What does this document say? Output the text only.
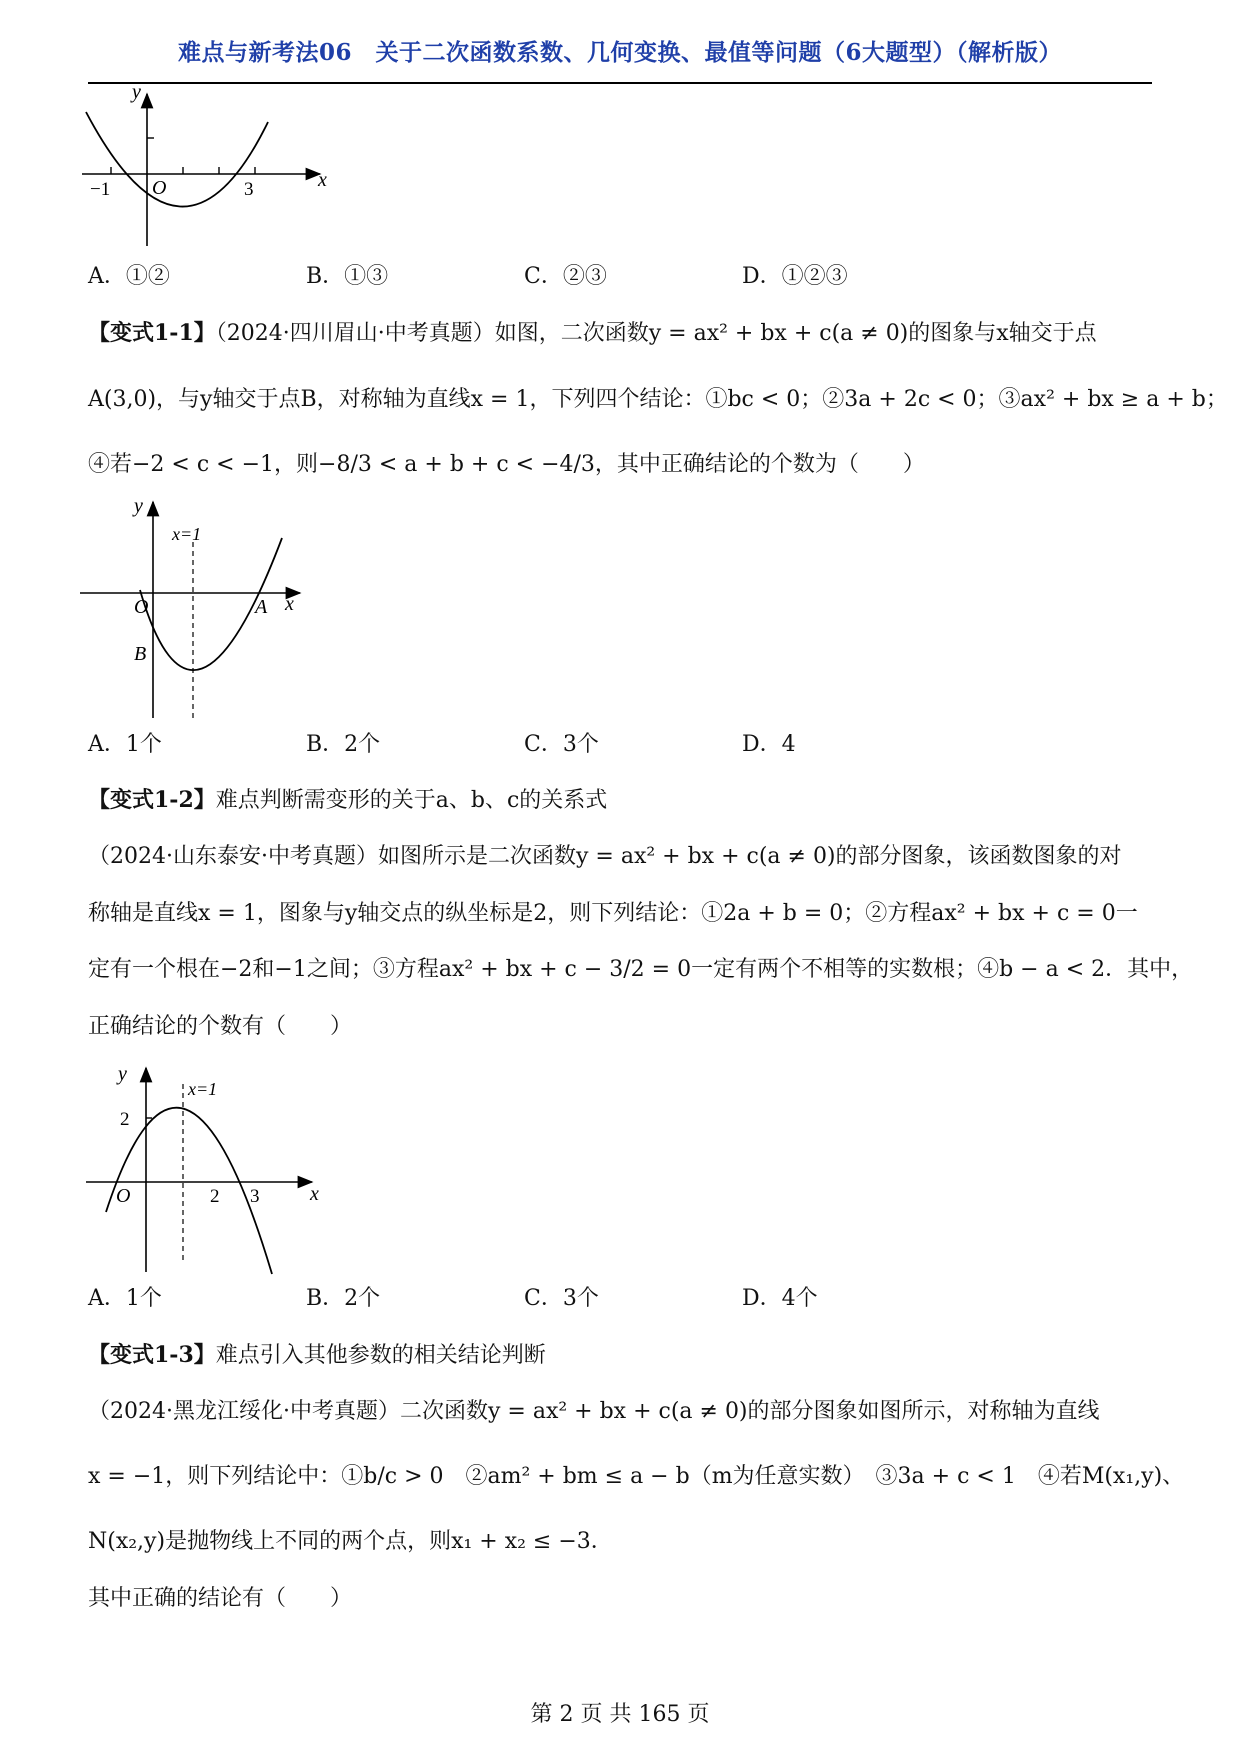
难点与新考法06　关于二次函数系数、几何变换、最值等问题（6大题型）（解析版）
y
x
O
−1	3
A．①②	B．①③	C．②③	D．①②③
【变式1-1】（2024·四川眉山·中考真题）如图，二次函数y = ax² + bx + c(a ≠ 0)的图象与x轴交于点
A(3,0)，与y轴交于点B，对称轴为直线x = 1，下列四个结论：①bc < 0；②3a + 2c < 0；③ax² + bx ≥ a + b；
④若−2 < c < −1，则−8/3 < a + b + c < −4/3，其中正确结论的个数为（　　）
y
x
x=1
O	A
B
A．1个	B．2个	C．3个	D．4
【变式1-2】难点判断需变形的关于a、b、c的关系式
（2024·山东泰安·中考真题）如图所示是二次函数y = ax² + bx + c(a ≠ 0)的部分图象，该函数图象的对
称轴是直线x = 1，图象与y轴交点的纵坐标是2，则下列结论：①2a + b = 0；②方程ax² + bx + c = 0一
定有一个根在−2和−1之间；③方程ax² + bx + c − 3/2 = 0一定有两个不相等的实数根；④b − a < 2．其中，
正确结论的个数有（　　）
y
x
x=1
O
2
2 3
A．1个	B．2个	C．3个	D．4个
【变式1-3】难点引入其他参数的相关结论判断
（2024·黑龙江绥化·中考真题）二次函数y = ax² + bx + c(a ≠ 0)的部分图象如图所示，对称轴为直线
x = −1，则下列结论中：①b/c > 0　②am² + bm ≤ a − b（m为任意实数）　③3a + c < 1　④若M(x₁,y)、
N(x₂,y)是抛物线上不同的两个点，则x₁ + x₂ ≤ −3．
其中正确的结论有（　　）
第 2 页 共 165 页
